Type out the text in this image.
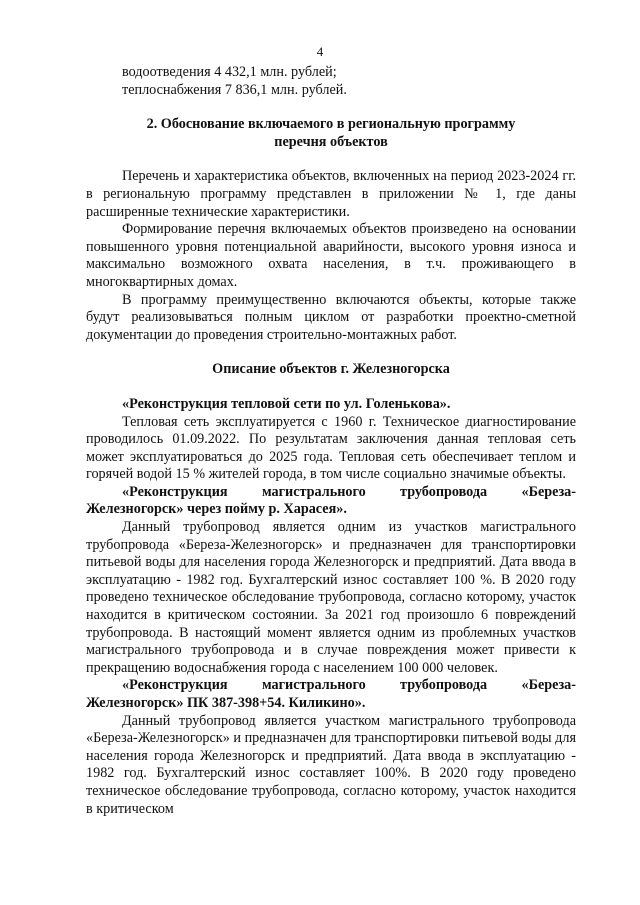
4

водоотведения 4 432,1 млн. рублей;

теплоснабжения 7 836,1 млн. рублей.

2. Обоснование включаемого в региональную программу

перечня объектов

Перечень и характеристика объектов, включенных на период 2023-2024 гг. в региональную программу представлен в приложении № 1, где даны расширенные технические характеристики.

Формирование перечня включаемых объектов произведено на основании повышенного уровня потенциальной аварийности, высокого уровня износа и максимально возможного охвата населения, в т.ч. проживающего в многоквартирных домах.

В программу преимущественно включаются объекты, которые также будут реализовываться полным циклом от разработки проектно-сметной документации до проведения строительно-монтажных работ.

Описание объектов г. Железногорска

«Реконструкция тепловой сети по ул. Голенькова».

Тепловая сеть эксплуатируется с 1960 г. Техническое диагностирование проводилось 01.09.2022. По результатам заключения данная тепловая сеть может эксплуатироваться до 2025 года. Тепловая сеть обеспечивает теплом и горячей водой 15 % жителей города, в том числе социально значимые объекты.

«Реконструкция магистрального трубопровода «Береза-Железногорск» через пойму р. Харасея».

Данный трубопровод является одним из участков магистрального трубопровода «Береза-Железногорск» и предназначен для транспортировки питьевой воды для населения города Железногорск и предприятий. Дата ввода в эксплуатацию - 1982 год. Бухгалтерский износ составляет 100 %. В 2020 году проведено техническое обследование трубопровода, согласно которому, участок находится в критическом состоянии. За 2021 год произошло 6 повреждений трубопровода. В настоящий момент является одним из проблемных участков магистрального трубопровода и в случае повреждения может привести к прекращению водоснабжения города с населением 100 000 человек.

«Реконструкция магистрального трубопровода «Береза-Железногорск» ПК 387-398+54. Киликино».

Данный трубопровод является участком магистрального трубопровода «Береза-Железногорск» и предназначен для транспортировки питьевой воды для населения города Железногорск и предприятий. Дата ввода в эксплуатацию - 1982 год. Бухгалтерский износ составляет 100%. В 2020 году проведено техническое обследование трубопровода, согласно которому, участок находится в критическом
